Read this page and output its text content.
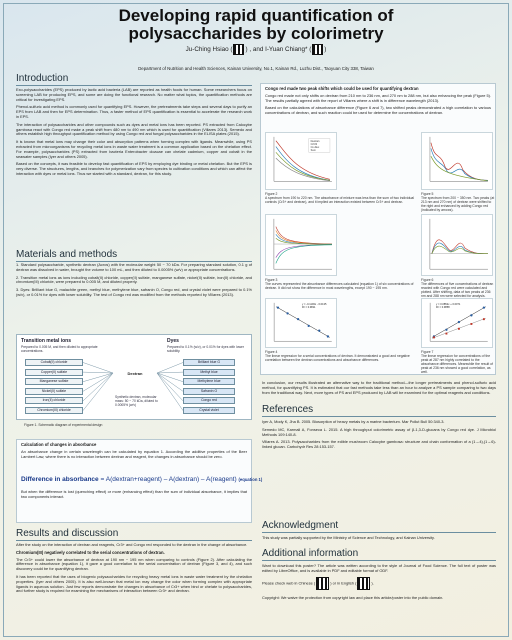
Developing rapid quantification of
polysaccharides by colorimetry
Ju-Ching Hsiao ( ) , and I-Yuan Chiang* ( )
Department of Nutrition and Health Sciences, Kainan University, No.1, Kainan Rd., Luzhu Dist., Taoyuan City 338, Taiwan
Introduction

Exo-polysaccharides (EPS) produced by lactic acid bacteria (LAB) are reported as health foods for human. Some researchers focus on screening LAB for producing EPS, and some are doing the functional research. No matter what topics, the quantification methods are critical for investigating EPS.

Phenol-sulfuric acid method is commonly used for quantifying EPS. However, the pretreatments take steps and several days to purify an EPS from LAB and then for EPS determination. Thus, a faster method of EPS quantification is essential to accelerate the research work in EPS.

The interaction of polysaccharides and other compounds such as dyes and metal ions has been reported. PS extracted from Calocybe gambosa react with Congo red make a peak shift from 480 nm to 490 nm which is used for quantification (Villares 2013). Semedo and others establish high throughput quantification method by using Congo red and fungal polysaccharides in the ELISA plates (2015).

It is known that metal ions may change their color and absorption patterns when forming complex with ligands. Meanwhile, using PS extracted from microorganisms for recycling metal ions in waste water treatment is a common application based on the chelation effect. For example, polysaccharides (PS) extracted from bacteria Enterobacter cloacae can chelate cadmium, copper and cobalt in the seawater samples (Iyer and others 2005).

Based on the concepts, it was feasible to develop fast quantification of EPS by employing dye binding or metal chelation. But the EPS is very diverse. The structures, lengths, and branches for polymerization vary from species to cultivation conditions and which can affect the interaction with dyes or metal ions. Thus we started with a standard, dextran, for this study.

Materials and methods

1. Standard polysaccharide, synthetic dextran (Acros) with the molecular weight 50 ~ 70 kDa. For preparing standard solution, 0.1 g of dextran was dissolved in water, brought the volume to 100 mL, and then diluted to 0.0005% (w/v) or appropriate concentrations.

2. Transition metal ions as ions including cobalt(II) chloride, copper(II) sulfate, manganese sulfate, nickel(II) sulfate, iron(II) chloride, and chromium(III) chloride, were prepared to 0.005 M, and diluted properly.

3. Dyes: Brilliant blue G, malachite green, methyl blue, methylene blue, safranin O, Congo red, and crystal violet were prepared to 0.1% (w/v), or 0.01% for dyes with lower solubility. The test of Congo red was modified from the methods reported by Villares (2013).

Transition metal ions
Prepared to 0.005 M, and then diluted to appropriate concentrations.
Dyes
Prepared to 0.1% (w/v), or 0.01% for dyes with lower solubility.
Cobalt(II) chloride
Copper(II) sulfate
Manganese sulfate
Nickel(II) sulfate
Iron(II) chloride
Chromium(III) chloride
Brilliant blue G
Methyl blue
Methylene blue
Safranin O
Congo red
Crystal violet
Dextran
Synthetic dextran, molecular mass: 50 ~ 70 kDa, diluted to 0.0005% (w/v)
Figure 1. Schematic diagram of experimental design
Calculation of changes in absorbance

An absorbance change in certain wavelength can be calculated by equation 1. According the additive properties of the Beer Lambert Law, where there is no interaction between dextran and reagent, the changes in absorbance should be zero.

Difference in absorbance = A(dextran+reagent) – A(dextran) – A(reagent) (equation 1)

But when the difference is lost (quenching effect) or more (enhancing effect) than the sum of individual absorbance, it implies that two components interact.

Results and discussion

After the study on the interaction of dextran and reagents, Cr3+ and Congo red responded to the dextran in the change of absorbance.

Chromium(III) negatively correlated to the serial concentrations of dextran.

The Cr3+ could lower the absorbance of dextran at 190 nm ~ 195 nm when comparing to controls (Figure 2). After calculating the difference in absorbance (equation 1), it gave a good correlation to the serial concentration of dextran (Figure 3, and 4), and such discovery could be for quantifying dextran.

It has been reported that the uses of biogenic polysaccharides for recycling heavy metal ions in waste water treatment by the chelation properties. (Iyer and others 2005). It is also well-known that metal ion may change the color when forming complex with appropriate ligands in aqueous solution. Just few reports demonstrate the changes in absorbance of Cr3+ when bind or chelate to polysaccharides, and further study is required for examining the mechanisms of interaction between Cr3+ and dextran.

Congo red made two peak shifts which could be used for quantifying dextran

Congo red made not only shifts on dextran from 210 nm to 236 nm, and 270 nm to 288 nm, but also enhancing the peak (Figure 5). The results partially agreed with the report of Villares where a shift is in difference wavelength (2013).

Based on the calculations of absorbance difference (Figure 6 and 7), two shifted peaks demonstrated a high correlation to various concentrations of dextran, and such reaction could be used for determine the concentrations of dextran.

Dextran
CrCl3
Cr+Dex
Sum
Figure 2
A spectrum from 190 to 220 nm. The absorbance of mixture was less than the sum of two individual controls (Cr3+ and dextran), and it implied an interaction existed between Cr3+ and dextran.
Figure 5
The spectrum from 200 ~ 350 nm. Two peaks (at 213 nm and 270 nm) of dextran were shifted to the right and enhanced by adding Congo red (indicated by arrows).
Figure 3
The curves represented the absorbance differences calculated (equation 1) of six concentrations of dextran. It did not show the difference in most wavelengths, except 190 ~ 195 nm.
Figure 6
The differences of five concentrations of dextran reacted with Congo red were calculated and plotted. After shifting, data of two peaks at 236 nm and 288 nm were selected for analysis.
y = -0.1193x - 0.0135
R² = 0.9811
Figure 4
The linear regression for a serial concentrations of dextran. It demonstrated a good and negative correlation between the dextran concentrations and absorbance differences.
y = 0.0852x + 0.0071
R² = 0.9858
Figure 7
The linear regression for concentrations of the peak at 287 nm highly correlated to the absorbance differences. Meanwhile the result of peak at 236 nm showed a good correlation, as well.

In conclusion, our results illustrated an alternative way to the traditional method—the longer pretreatments and phenol-sulfuric acid method, for quantifying PS. It is estimated that our fast methods take less than an hour to analyze a PS sample comparing to two days from the traditional way. Next, more types of PS and EPS produced by LAB will be examined for the optimal reagents and conditions.

References

Iyer A, Mody K, Jha B. 2005. Biosorption of heavy metals by a marine bacterium. Mar Pollut Bull 50:340-3.

Semedo MC, Karmali A, Fonseca L. 2015. A high throughput colorimetric assay of β-1,3-D-glucans by Congo red dye. J Microbiol Methods 109:140-8.

Villares A. 2013. Polysaccharides from the edible mushroom Calocybe gambosa: structure and chain conformation of a (1→4),(1→6)-linked glucan. Carbohydr Res 28:153-157.

Acknowledgment

This study was partially supported by the Ministry of Science and Technology, and Kainan University.

Additional information

Want to download this poster? The article was written according to the style of Journal of Food Science. The full text of poster was edited by LibreOffice, and is available in PDF and editable format of ODF.

Please check web in Chinese (	) or in English (	).

Copyright: We waive the protection from copyright law and place this article/poster into the public domain.
